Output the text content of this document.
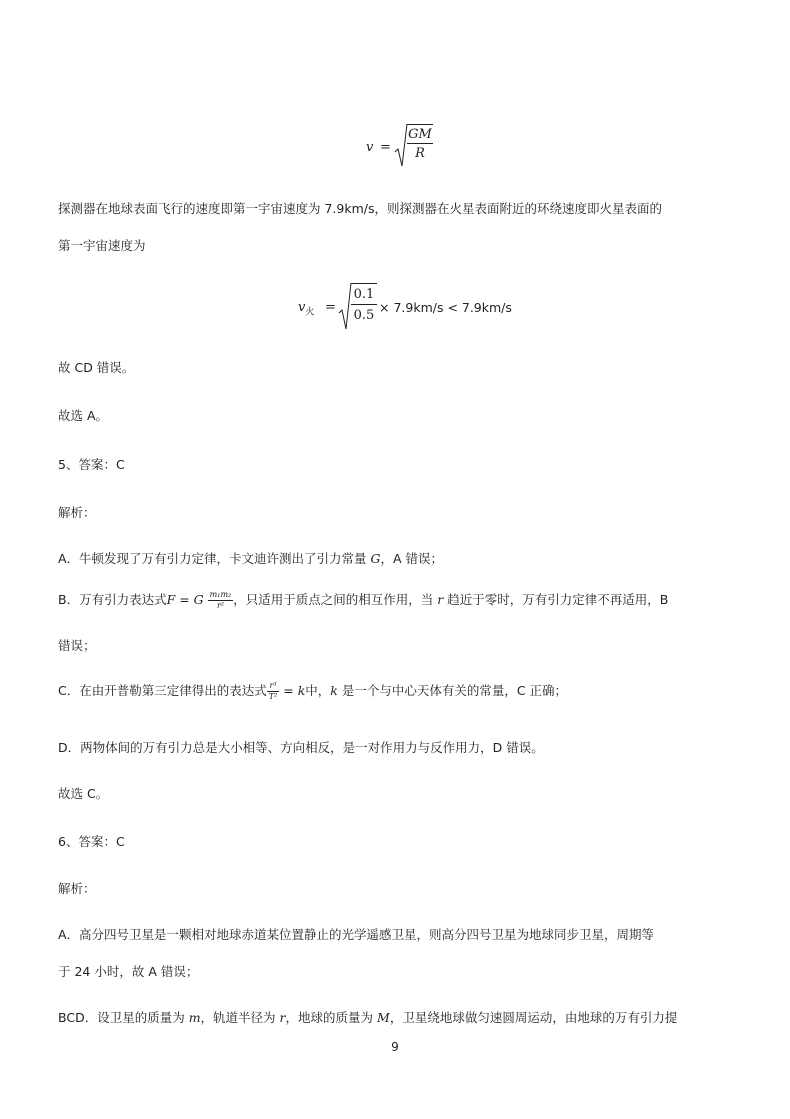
$v = \frac{GM}{R}$
探测器在地球表面飞行的速度即第一宇宙速度为 7.9km/s，则探测器在火星表面附近的环绕速度即火星表面的
第一宇宙速度为
$v_火 = \frac{0.1}{0.5} \times 7.9km/s < 7.9km/s$
故 CD 错误。
故选 A。
5、答案：C
解析：
A．牛顿发现了万有引力定律，卡文迪许测出了引力常量 G，A 错误；
B．万有引力表达式F = G $\frac{\text{m₁m₂}}{\text{r²}}$ ，只适用于质点之间的相互作用，当 r 趋近于零时，万有引力定律不再适用，B
错误；
C．在由开普勒第三定律得出的表达式 $\frac{\text{r³}}{\text{T²}} = k$中，k 是一个与中心天体有关的常量，C 正确；
D．两物体间的万有引力总是大小相等、方向相反，是一对作用力与反作用力，D 错误。
故选 C。
6、答案：C
解析：
A．高分四号卫星是一颗相对地球赤道某位置静止的光学遥感卫星，则高分四号卫星为地球同步卫星，周期等
于 24 小时，故 A 错误；
BCD．设卫星的质量为 m，轨道半径为 r，地球的质量为 M，卫星绕地球做匀速圆周运动，由地球的万有引力提
9
